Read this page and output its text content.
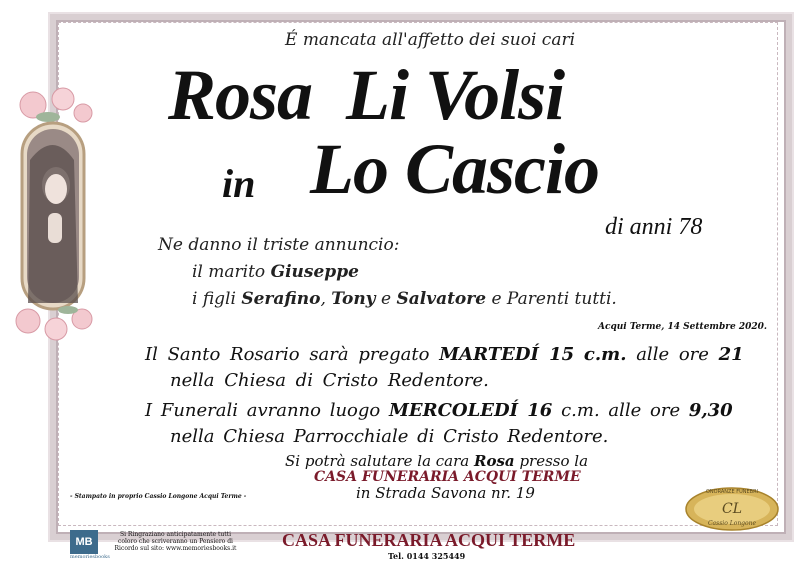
É mancata all'affetto dei suoi cari
Rosa Li Volsi
in Lo Cascio
di anni 78
Ne danno il triste annuncio:
il marito Giuseppe
i figli Serafino, Tony e Salvatore e Parenti tutti.
Acqui Terme, 14 Settembre 2020.
Il Santo Rosario sarà pregato MARTEDÍ 15 c.m. alle ore 21
nella Chiesa di Cristo Redentore.
I Funerali avranno luogo MERCOLEDÍ 16 c.m. alle ore 9,30
nella Chiesa Parrocchiale di Cristo Redentore.
Si potrà salutare la cara Rosa presso la
CASA FUNERARIA ACQUI TERME
in Strada Savona nr. 19
- Stampato in proprio Cassio Longone Acqui Terme -
ONORANZE FUNEBRI
CL
Cassio Longone
MB
memoriesbooks
Si Ringraziano anticipatamente tutti coloro che scriveranno un Pensiero di Ricordo sul sito: www.memoriesbooks.it	CASA FUNERARIA ACQUI TERME
Tel. 0144 325449
